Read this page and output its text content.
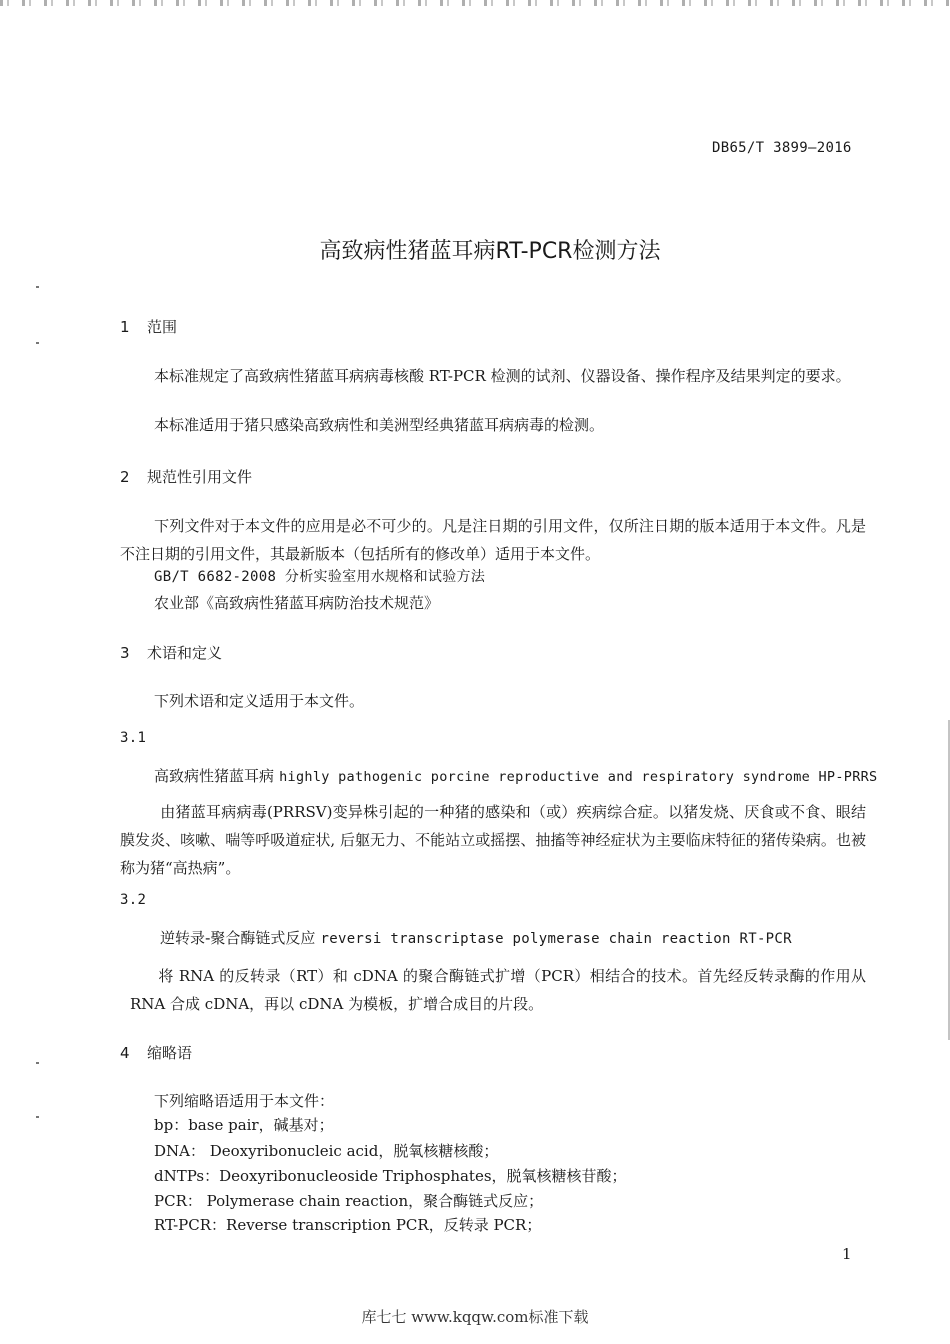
DB65/T 3899—2016
高致病性猪蓝耳病RT-PCR检测方法
1 范围
本标准规定了高致病性猪蓝耳病病毒核酸 RT-PCR 检测的试剂、仪器设备、操作程序及结果判定的要求。
本标准适用于猪只感染高致病性和美洲型经典猪蓝耳病病毒的检测。
2 规范性引用文件
下列文件对于本文件的应用是必不可少的。凡是注日期的引用文件，仅所注日期的版本适用于本文件。凡是不注日期的引用文件，其最新版本（包括所有的修改单）适用于本文件。
GB/T 6682-2008 分析实验室用水规格和试验方法
农业部《高致病性猪蓝耳病防治技术规范》
3 术语和定义
下列术语和定义适用于本文件。
3.1
高致病性猪蓝耳病 highly pathogenic porcine reproductive and respiratory syndrome HP-PRRS
由猪蓝耳病病毒(PRRSV)变异株引起的一种猪的感染和（或）疾病综合症。以猪发烧、厌食或不食、眼结膜发炎、咳嗽、喘等呼吸道症状, 后躯无力、不能站立或摇摆、抽搐等神经症状为主要临床特征的猪传染病。也被称为猪“高热病”。
3.2
逆转录-聚合酶链式反应 reversi transcriptase polymerase chain reaction RT-PCR
将 RNA 的反转录（RT）和 cDNA 的聚合酶链式扩增（PCR）相结合的技术。首先经反转录酶的作用从 RNA 合成 cDNA，再以 cDNA 为模板，扩增合成目的片段。
4 缩略语
下列缩略语适用于本文件：
bp：base pair，碱基对；
DNA： Deoxyribonucleic acid，脱氧核糖核酸；
dNTPs：Deoxyribonucleoside Triphosphates，脱氧核糖核苷酸；
PCR： Polymerase chain reaction，聚合酶链式反应；
RT-PCR：Reverse transcription PCR，反转录 PCR；
1
库七七 www.kqqw.com标准下载
